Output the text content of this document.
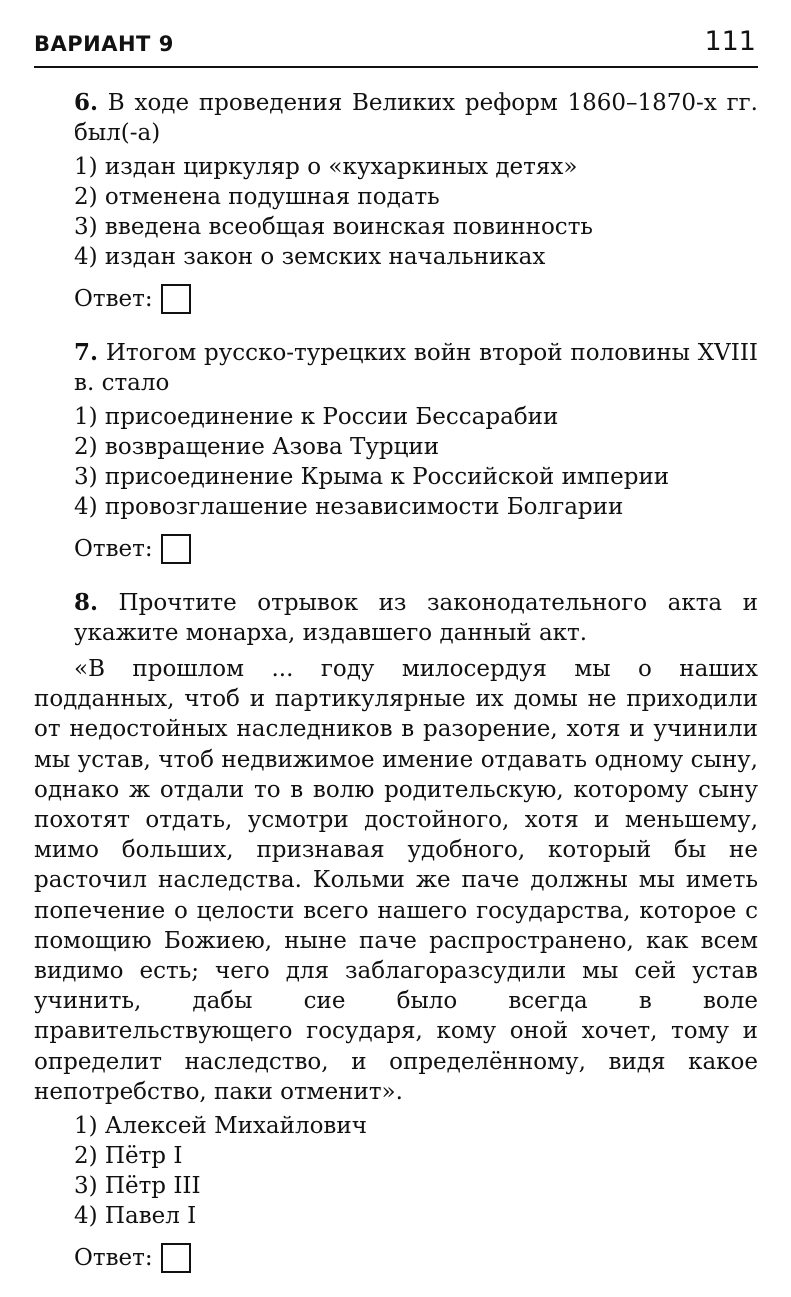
ВАРИАНТ 9	111

6. В ходе проведения Великих реформ 1860–1870-х гг. был(-а)

1) издан циркуляр о «кухаркиных детях»
2) отменена подушная подать
3) введена всеобщая воинская повинность
4) издан закон о земских начальниках
Ответ:

7. Итогом русско-турецких войн второй половины XVIII в. стало

1) присоединение к России Бессарабии
2) возвращение Азова Турции
3) присоединение Крыма к Российской империи
4) провозглашение независимости Болгарии
Ответ:

8. Прочтите отрывок из законодательного акта и укажите монарха, издавшего данный акт.

«В прошлом ... году милосердуя мы о наших подданных, чтоб и партикулярные их домы не приходили от недостойных наследников в разорение, хотя и учинили мы устав, чтоб недвижимое имение отдавать одному сыну, однако ж отдали то в волю родительскую, которому сыну похотят отдать, усмотри достойного, хотя и меньшему, мимо больших, признавая удобного, который бы не расточил наследства. Кольми же паче должны мы иметь попечение о целости всего нашего государства, которое с помощию Божиею, ныне паче распространено, как всем видимо есть; чего для заблагоразсудили мы сей устав учинить, дабы сие было всегда в воле правительствующего государя, кому оной хочет, тому и определит наследство, и определённому, видя какое непотребство, паки отменит».

1) Алексей Михайлович
2) Пётр I
3) Пётр III
4) Павел I
Ответ:
